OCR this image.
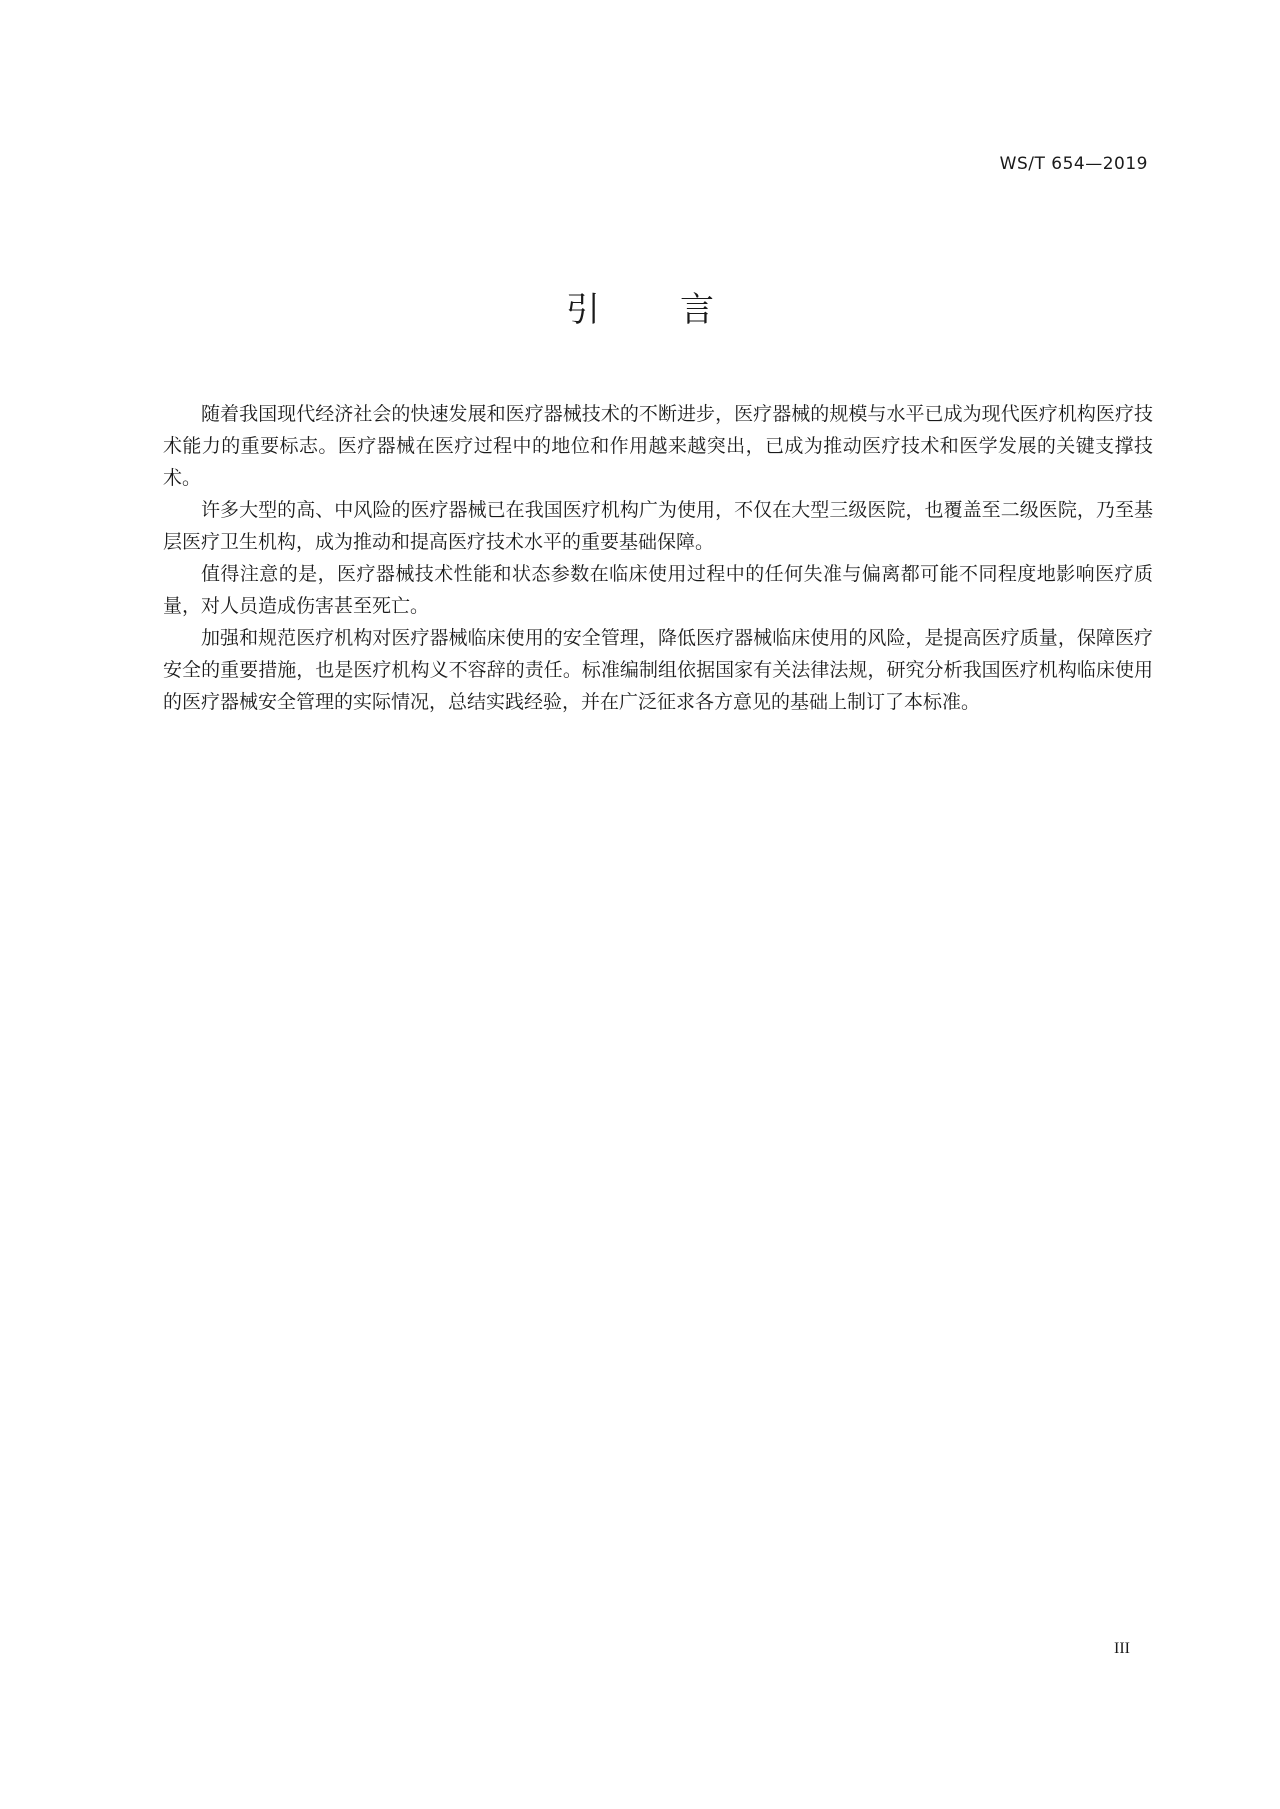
WS/T 654—2019
引言

随着我国现代经济社会的快速发展和医疗器械技术的不断进步，医疗器械的规模与水平已成为现代医疗机构医疗技术能力的重要标志。医疗器械在医疗过程中的地位和作用越来越突出，已成为推动医疗技术和医学发展的关键支撑技术。

许多大型的高、中风险的医疗器械已在我国医疗机构广为使用，不仅在大型三级医院，也覆盖至二级医院，乃至基层医疗卫生机构，成为推动和提高医疗技术水平的重要基础保障。

值得注意的是，医疗器械技术性能和状态参数在临床使用过程中的任何失准与偏离都可能不同程度地影响医疗质量，对人员造成伤害甚至死亡。

加强和规范医疗机构对医疗器械临床使用的安全管理，降低医疗器械临床使用的风险，是提高医疗质量，保障医疗安全的重要措施，也是医疗机构义不容辞的责任。标准编制组依据国家有关法律法规，研究分析我国医疗机构临床使用的医疗器械安全管理的实际情况，总结实践经验，并在广泛征求各方意见的基础上制订了本标准。

III
